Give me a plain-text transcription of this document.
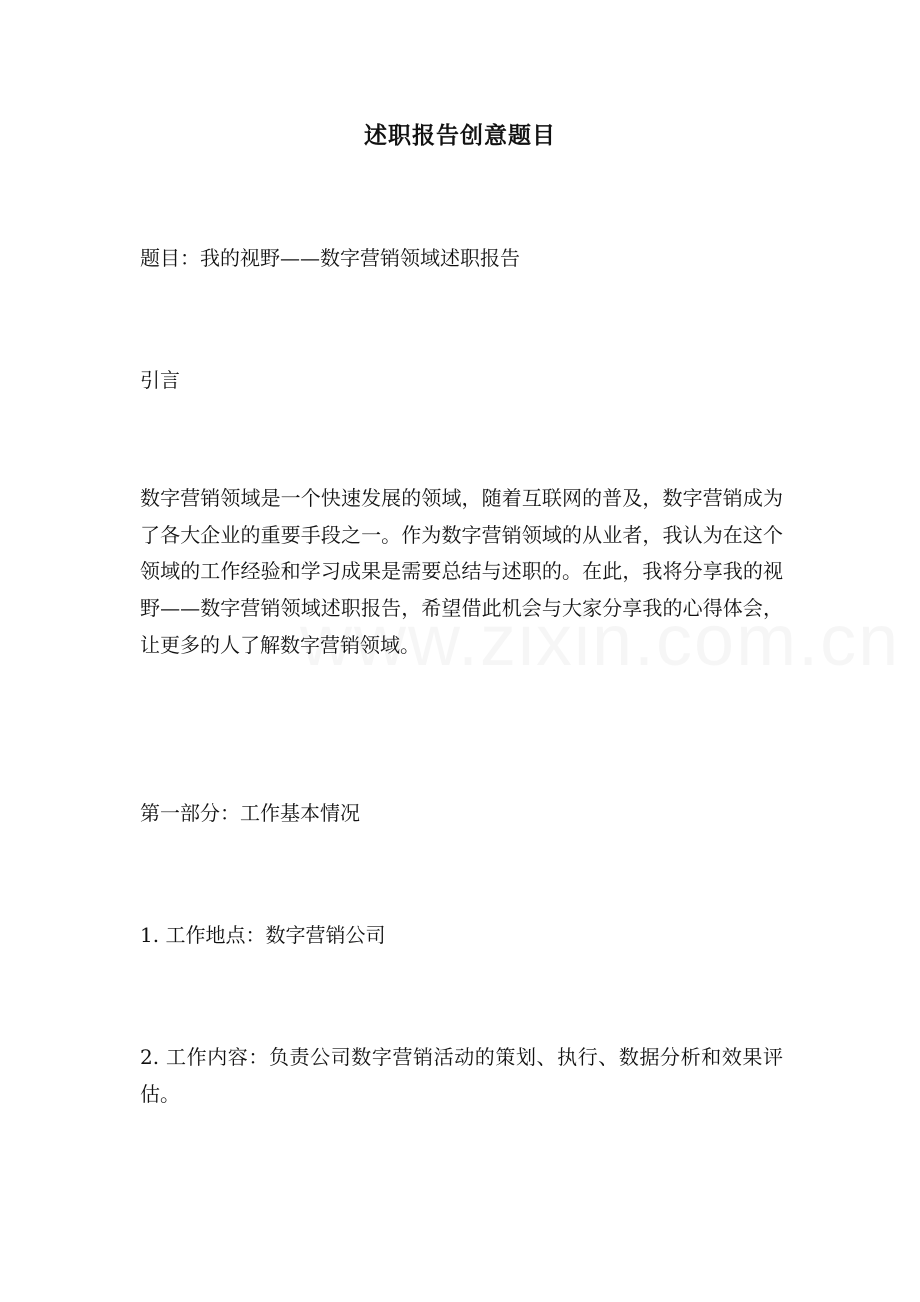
述职报告创意题目
题目：我的视野——数字营销领域述职报告
引言
数字营销领域是一个快速发展的领域，随着互联网的普及，数字营销成为了各大企业的重要手段之一。作为数字营销领域的从业者，我认为在这个领域的工作经验和学习成果是需要总结与述职的。在此，我将分享我的视野——数字营销领域述职报告，希望借此机会与大家分享我的心得体会，让更多的人了解数字营销领域。
第一部分：工作基本情况
1. 工作地点：数字营销公司
2. 工作内容：负责公司数字营销活动的策划、执行、数据分析和效果评估。
